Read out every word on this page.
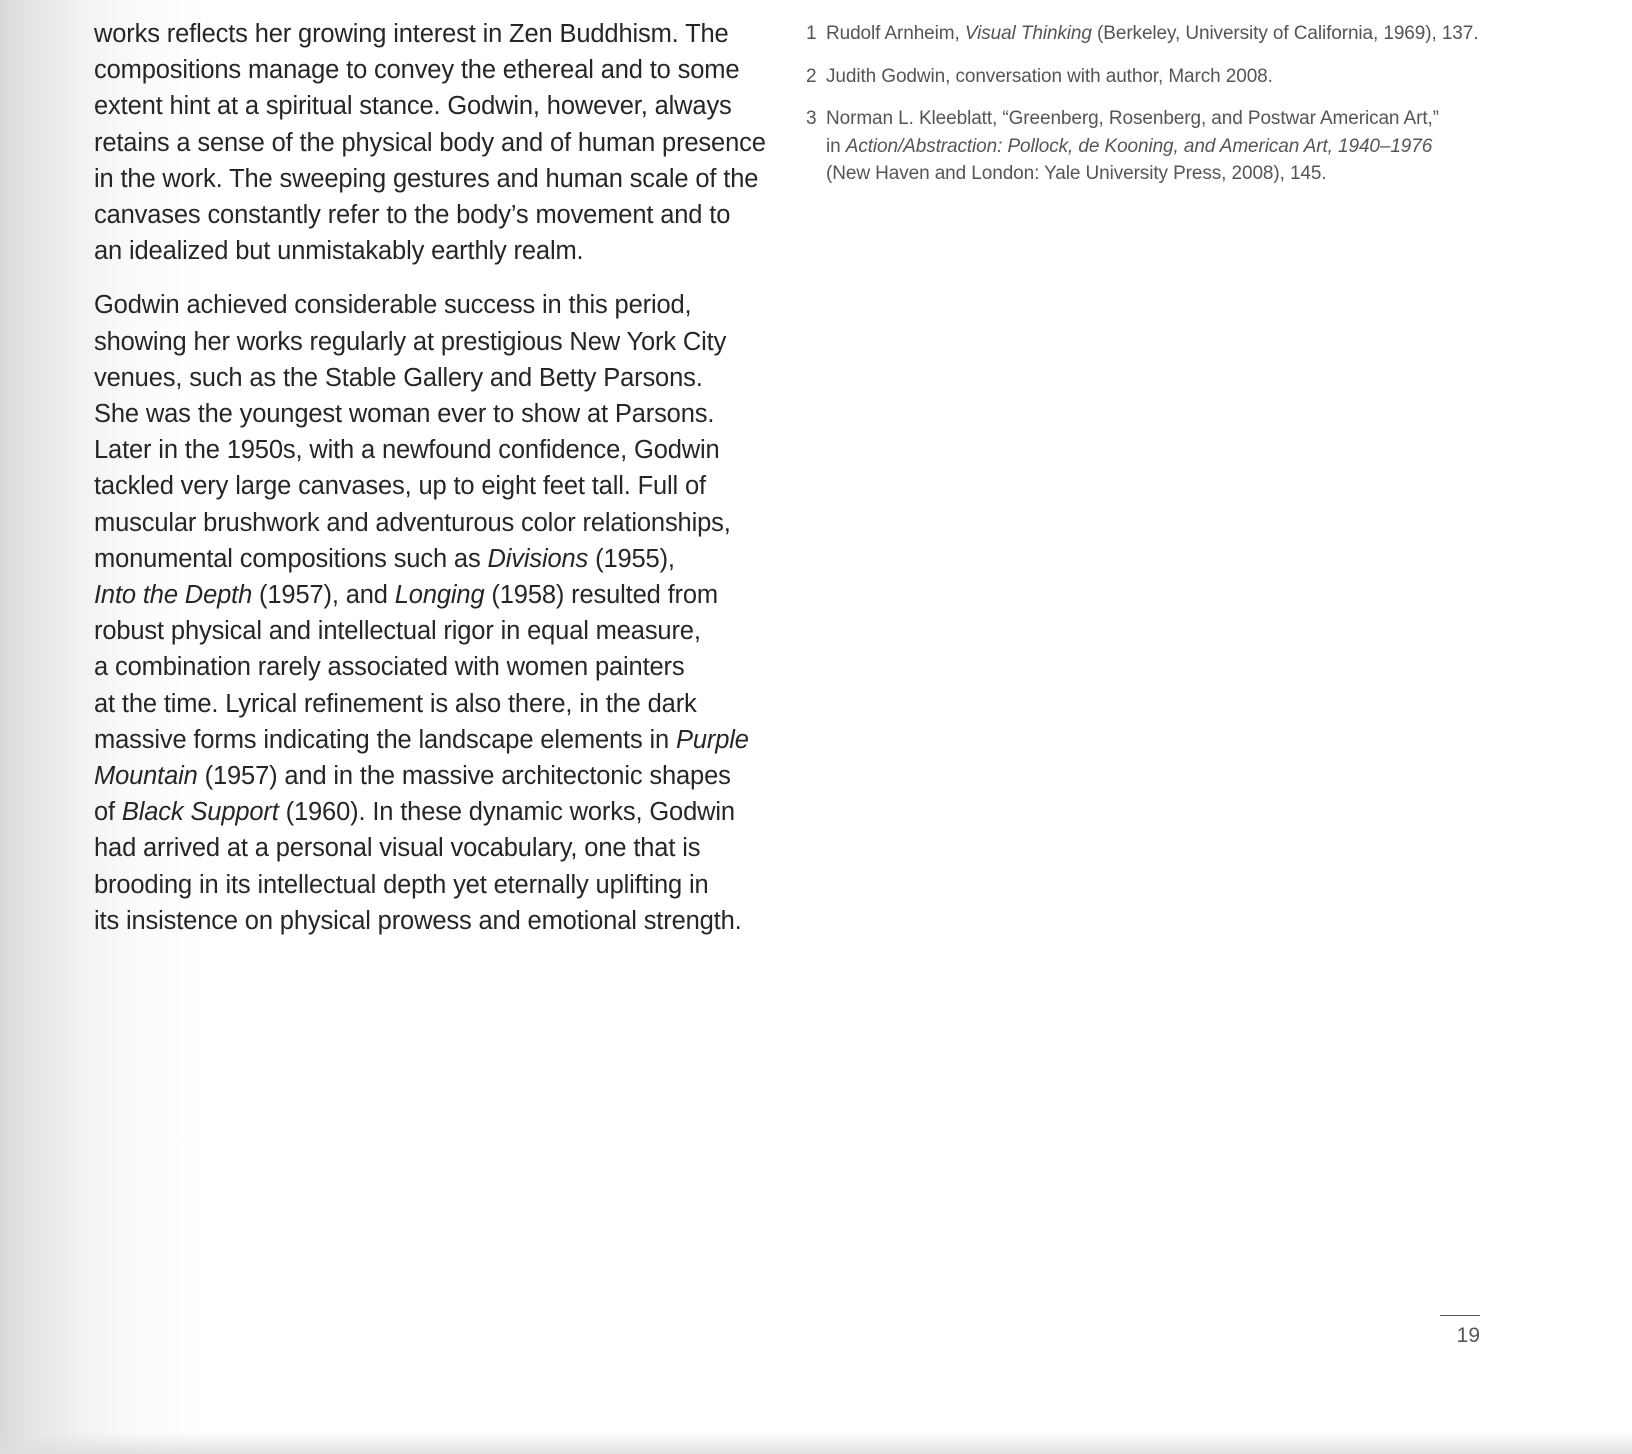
works reflects her growing interest in Zen Buddhism. The
compositions manage to convey the ethereal and to some
extent hint at a spiritual stance. Godwin, however, always
retains a sense of the physical body and of human presence
in the work. The sweeping gestures and human scale of the
canvases constantly refer to the body’s movement and to
an idealized but unmistakably earthly realm.

Godwin achieved considerable success in this period,
showing her works regularly at prestigious New York City
venues, such as the Stable Gallery and Betty Parsons.
She was the youngest woman ever to show at Parsons.
Later in the 1950s, with a newfound confidence, Godwin
tackled very large canvases, up to eight feet tall. Full of
muscular brushwork and adventurous color relationships,
monumental compositions such as Divisions (1955),
Into the Depth (1957), and Longing (1958) resulted from
robust physical and intellectual rigor in equal measure,
a combination rarely associated with women painters
at the time. Lyrical refinement is also there, in the dark
massive forms indicating the landscape elements in Purple
Mountain (1957) and in the massive architectonic shapes
of Black Support (1960). In these dynamic works, Godwin
had arrived at a personal visual vocabulary, one that is
brooding in its intellectual depth yet eternally uplifting in
its insistence on physical prowess and emotional strength.

1 Rudolf Arnheim, Visual Thinking (Berkeley, University of California, 1969), 137.
2 Judith Godwin, conversation with author, March 2008.
3 Norman L. Kleeblatt, “Greenberg, Rosenberg, and Postwar American Art,”
in Action/Abstraction: Pollock, de Kooning, and American Art, 1940–1976
(New Haven and London: Yale University Press, 2008), 145.
19
